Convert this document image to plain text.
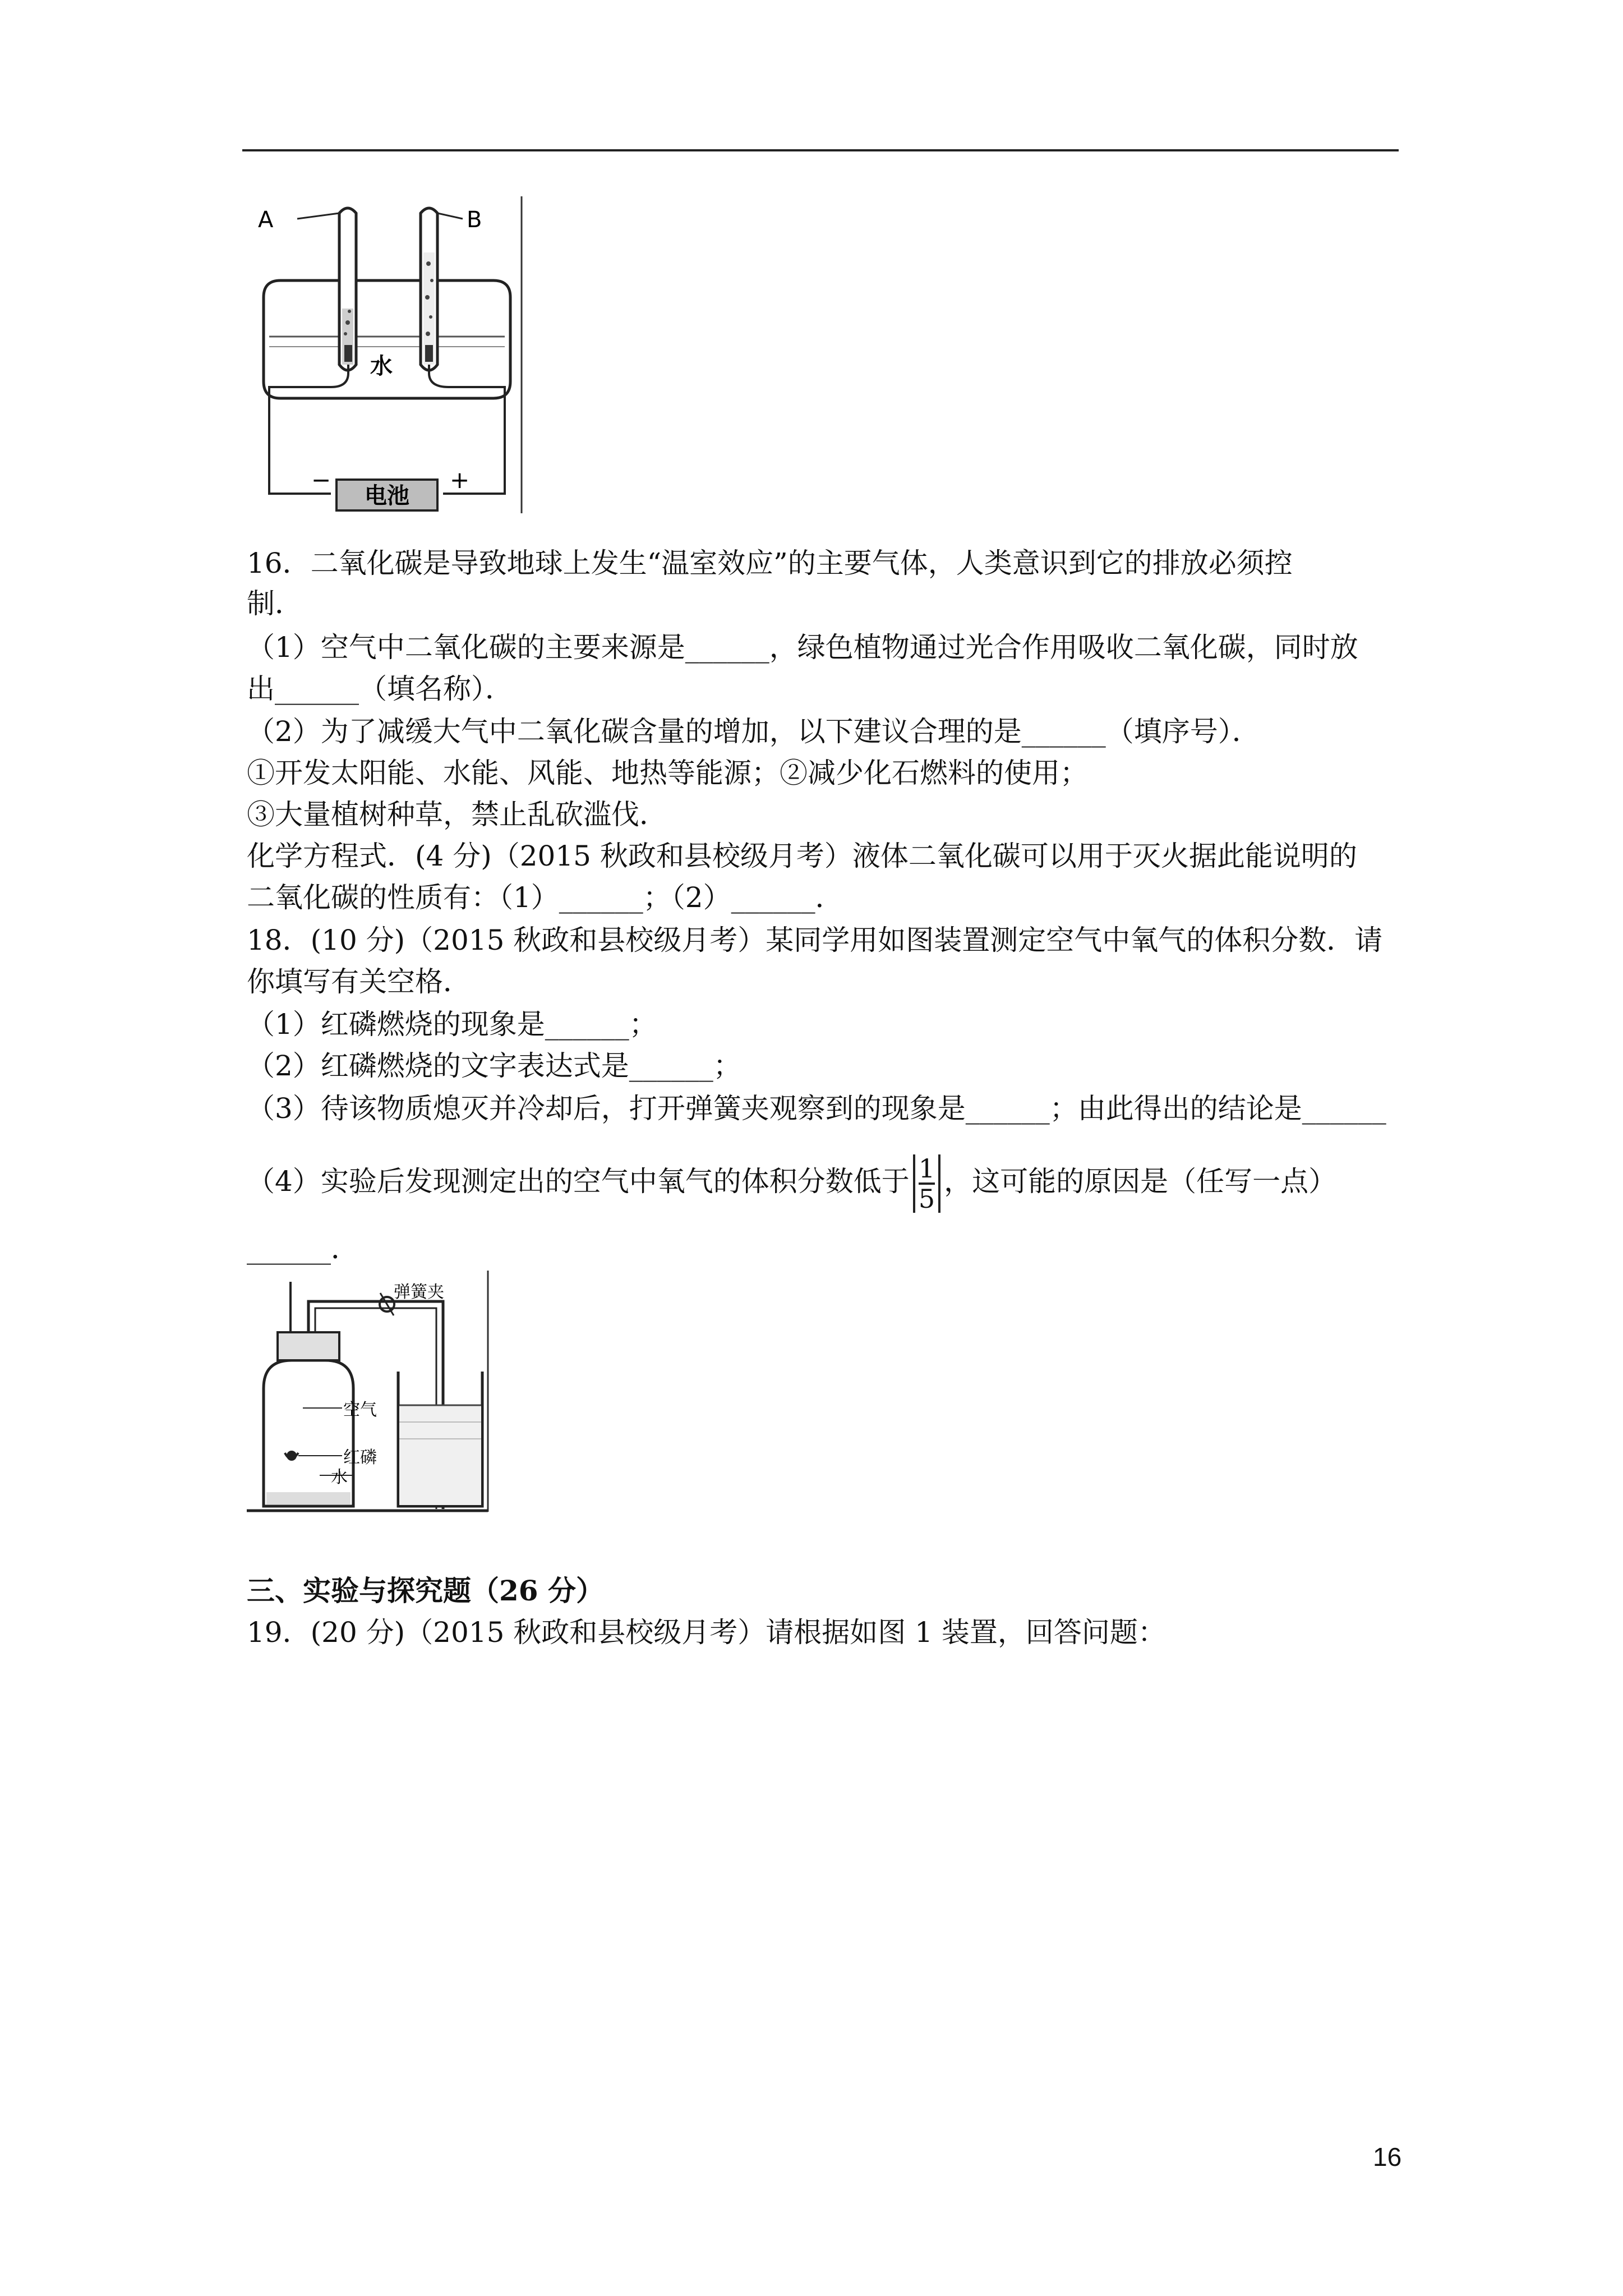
A	B
水
电池
−	+
16．二氧化碳是导致地球上发生“温室效应”的主要气体，人类意识到它的排放必须控
制．
（1）空气中二氧化碳的主要来源是______，绿色植物通过光合作用吸收二氧化碳，同时放
出______（填名称）．
（2）为了减缓大气中二氧化碳含量的增加，以下建议合理的是______（填序号）．
①开发太阳能、水能、风能、地热等能源；②减少化石燃料的使用；
③大量植树种草，禁止乱砍滥伐．
化学方程式．(4 分)（2015 秋政和县校级月考）液体二氧化碳可以用于灭火据此能说明的
二氧化碳的性质有：（1）______；（2）______．
18．(10 分)（2015 秋政和县校级月考）某同学用如图装置测定空气中氧气的体积分数．请
你填写有关空格．
（1）红磷燃烧的现象是______；
（2）红磷燃烧的文字表达式是______；
（3）待该物质熄灭并冷却后，打开弹簧夹观察到的现象是______；由此得出的结论是______
（4）实验后发现测定出的空气中氧气的体积分数低于 $\frac{1}{5}$ ，这可能的原因是（任写一点）
______．
弹簧夹
空气
红磷
水
三、实验与探究题（26 分）
19．(20 分)（2015 秋政和县校级月考）请根据如图 1 装置，回答问题：
16
